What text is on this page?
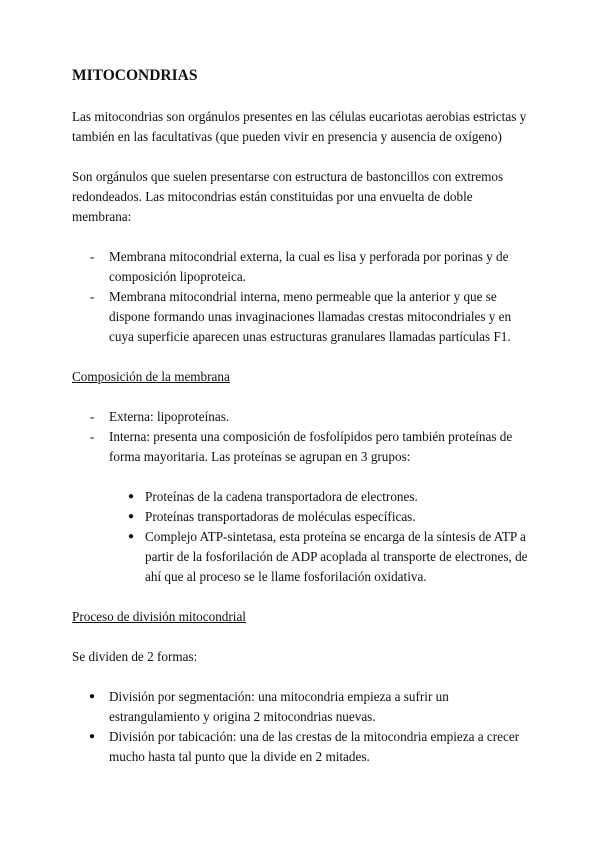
MITOCONDRIAS

Las mitocondrias son orgánulos presentes en las células eucariotas aerobias estrictas y también en las facultativas (que pueden vivir en presencia y ausencia de oxígeno)

Son orgánulos que suelen presentarse con estructura de bastoncillos con extremos redondeados. Las mitocondrias están constituidas por una envuelta de doble membrana:

- Membrana mitocondrial externa, la cual es lisa y perforada por porinas y de composición lipoproteica.
- Membrana mitocondrial interna, meno permeable que la anterior y que se dispone formando unas invaginaciones llamadas crestas mitocondriales y en cuya superficie aparecen unas estructuras granulares llamadas partículas F1.
Composición de la membrana
- Externa: lipoproteínas.
- Interna: presenta una composición de fosfolípidos pero también proteínas de forma mayoritaria. Las proteínas se agrupan en 3 grupos:
● Proteínas de la cadena transportadora de electrones.
● Proteínas transportadoras de moléculas específicas.
● Complejo ATP-sintetasa, esta proteína se encarga de la síntesis de ATP a partir de la fosforilación de ADP acoplada al transporte de electrones, de ahí que al proceso se le llame fosforilación oxidativa.
Proceso de división mitocondrial

Se dividen de 2 formas:

● División por segmentación: una mitocondria empieza a sufrir un estrangulamiento y origina 2 mitocondrias nuevas.
● División por tabicación: una de las crestas de la mitocondria empieza a crecer mucho hasta tal punto que la divide en 2 mitades.
